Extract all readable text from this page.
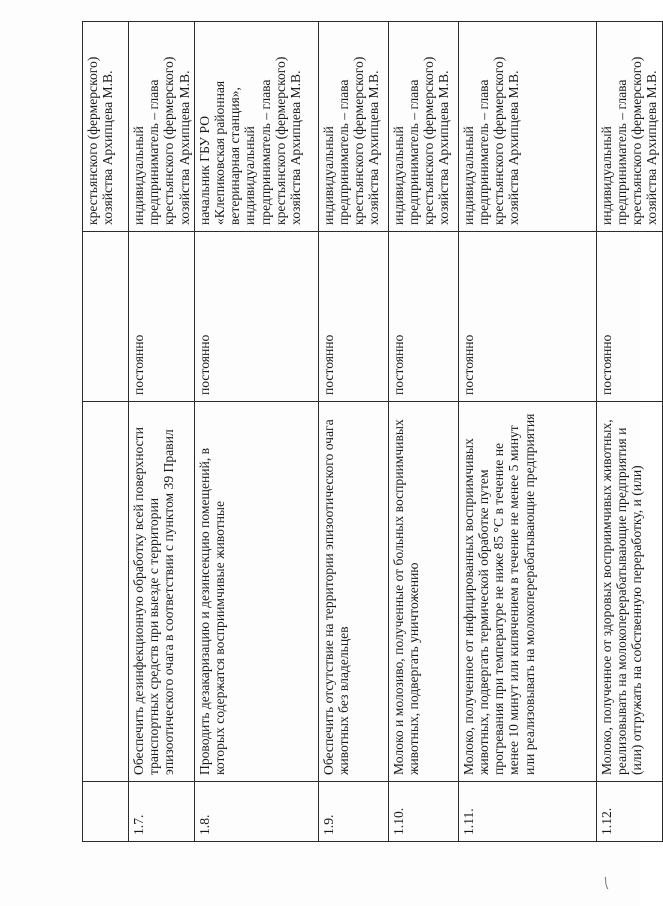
			крестьянского (фермерского) хозяйства Архипцева М.В.
1.7.	Обеспечить дезинфекционную обработку всей поверхности транспортных средств при выезде с территории эпизоотического очага в соответствии с пунктом 39 Правил	постоянно	индивидуальный предприниматель – глава крестьянского (фермерского) хозяйства Архипцева М.В.
1.8.	Проводить дезакаризацию и дезинсекцию помещений, в которых содержатся восприимчивые животные	постоянно	начальник ГБУ РО «Клепиковская районная ветеринарная станция», индивидуальный предприниматель – глава крестьянского (фермерского) хозяйства Архипцева М.В.
1.9.	Обеспечить отсутствие на территории эпизоотического очага животных без владельцев	постоянно	индивидуальный предприниматель – глава крестьянского (фермерского) хозяйства Архипцева М.В.
1.10.	Молоко и молозиво, полученные от больных восприимчивых животных, подвергать уничтожению	постоянно	индивидуальный предприниматель – глава крестьянского (фермерского) хозяйства Архипцева М.В.
1.11.	Молоко, полученное от инфицированных восприимчивых животных, подвергать термической обработке путем прогревания при температуре не ниже 85 °С в течение не менее 10 минут или кипячением в течение не менее 5 минут или реализовывать на молокоперерабатывающие предприятия	постоянно	индивидуальный предприниматель – глава крестьянского (фермерского) хозяйства Архипцева М.В.
1.12.	Молоко, полученное от здоровых восприимчивых животных, реализовывать на молокоперерабатывающие предприятия и (или) отгружать на собственную переработку, и (или)	постоянно	индивидуальный предприниматель – глава крестьянского (фермерского) хозяйства Архипцева М.В.
